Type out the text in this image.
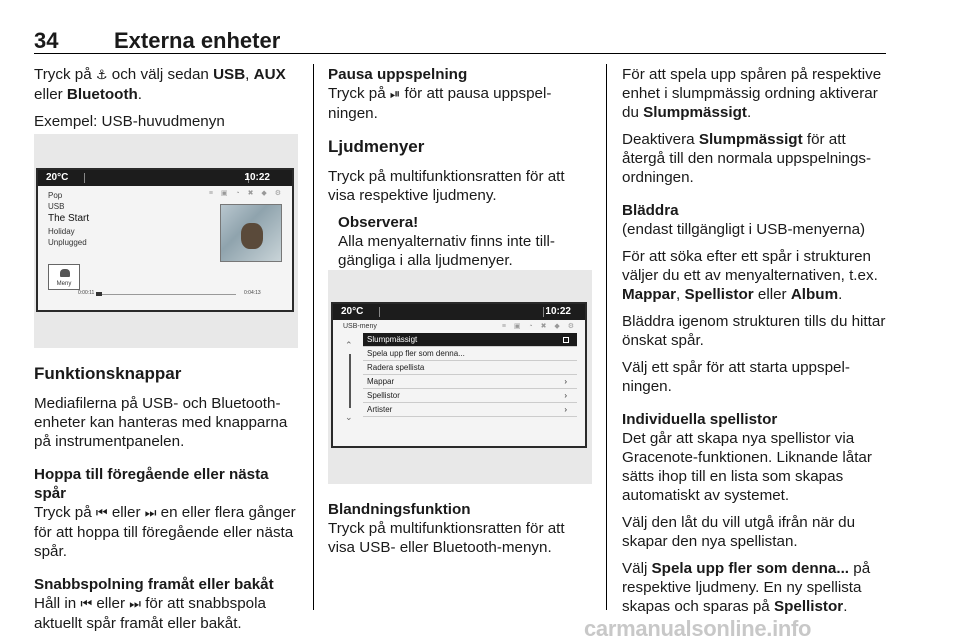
34	Externa enheter
Tryck på ⚓ och välj sedan USB, AUX eller Bluetooth.
Exempel: USB-huvudmenyn
Funktionsknappar
Mediafilerna på USB- och Bluetooth-enheter kan hanteras med knapparna på instrumentpanelen.
Hoppa till föregående eller nästa spår
Tryck på ⏮ eller ⏭ en eller flera gånger för att hoppa till föregående eller nästa spår.
Snabbspolning framåt eller bakåt
Håll in ⏮ eller ⏭ för att snabbspola aktuellt spår framåt eller bakåt.
20°C	10:22
≡ ▣ ◔ ✖ ◆ ⚙
Pop
USB
The Start
Holiday
Unplugged
Meny
0:00:11	0:04:13
Pausa uppspelning
Tryck på ⏯ för att pausa uppspelningen.
Ljudmenyer
Tryck på multifunktionsratten för att visa respektive ljudmeny.
Observera!
Alla menyalternativ finns inte tillgängliga i alla ljudmenyer.
Blandningsfunktion
Tryck på multifunktionsratten för att visa USB- eller Bluetooth-menyn.
20°C	10:22
USB-meny	≡ ▣ ◔ ✖ ◆ ⚙
⌃
⌄
Slumpmässigt
Spela upp fler som denna...
Radera spellista
Mappar	›
Spellistor	›
Artister	›
För att spela upp spåren på respektive enhet i slumpmässig ordning aktiverar du Slumpmässigt.
Deaktivera Slumpmässigt för att återgå till den normala uppspelningsordningen.
Bläddra
(endast tillgängligt i USB-menyerna)
För att söka efter ett spår i strukturen väljer du ett av menyalternativen, t.ex. Mappar, Spellistor eller Album.
Bläddra igenom strukturen tills du hittar önskat spår.
Välj ett spår för att starta uppspelningen.
Individuella spellistor
Det går att skapa nya spellistor via Gracenote-funktionen. Liknande låtar sätts ihop till en lista som skapas automatiskt av systemet.
Välj den låt du vill utgå ifrån när du skapar den nya spellistan.
Välj Spela upp fler som denna... på respektive ljudmeny. En ny spellista skapas och sparas på Spellistor.
carmanualsonline.info
